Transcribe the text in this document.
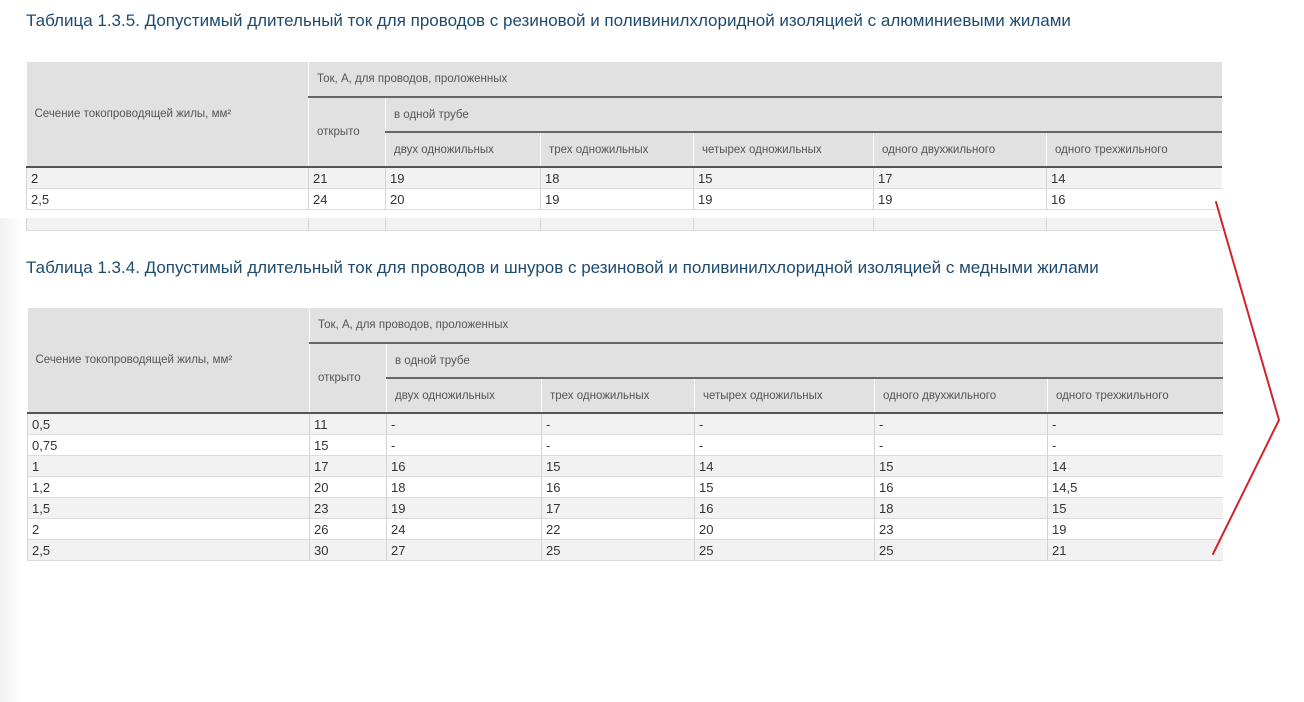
Таблица 1.3.5. Допустимый длительный ток для проводов с резиновой и поливинилхлоридной изоляцией с алюминиевыми жилами
Сечение токопроводящей жилы, мм²	Ток, А, для проводов, проложенных					
	открыто	в одной трубе				
		двух одножильных	трех одножильных	четырех одножильных	одного двухжильного	одного трехжильного
2	21	19	18	15	17	14
2,5	24	20	19	19	19	16

Таблица 1.3.4. Допустимый длительный ток для проводов и шнуров с резиновой и поливинилхлоридной изоляцией с медными жилами
Сечение токопроводящей жилы, мм²	Ток, А, для проводов, проложенных					
	открыто	в одной трубе				
		двух одножильных	трех одножильных	четырех одножильных	одного двухжильного	одного трехжильного
0,5	11	-	-	-	-	-
0,75	15	-	-	-	-	-
1	17	16	15	14	15	14
1,2	20	18	16	15	16	14,5
1,5	23	19	17	16	18	15
2	26	24	22	20	23	19
2,5	30	27	25	25	25	21
